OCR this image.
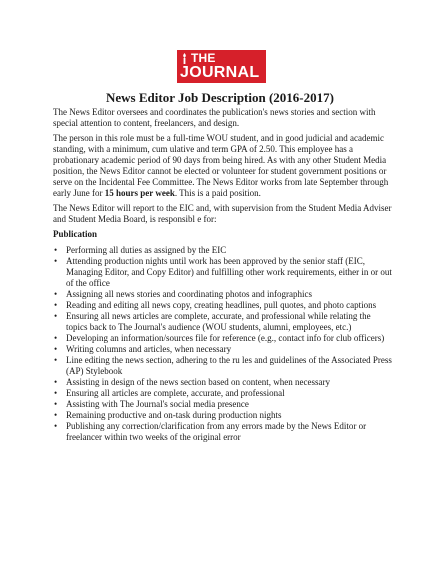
THE
JOURNAL
News Editor Job Description (2016-2017)

The News Editor oversees and coordinates the publication's news stories and section with special attention to content, freelancers, and design.

The person in this role must be a full-time WOU student, and in good judicial and academic standing, with a minimum, cum ulative and term GPA of 2.50. This employee has a probationary academic period of 90 days from being hired. As with any other Student Media position, the News Editor cannot be elected or volunteer for student government positions or serve on the Incidental Fee Committee. The News Editor works from late September through early June for 15 hours per week. This is a paid position.

The News Editor will report to the EIC and, with supervision from the Student Media Adviser and Student Media Board, is responsibl e for:

Publication
• Performing all duties as assigned by the EIC
• Attending production nights until work has been approved by the senior staff (EIC, Managing Editor, and Copy Editor) and fulfilling other work requirements, either in or out of the office
• Assigning all news stories and coordinating photos and infographics
• Reading and editing all news copy, creating headlines, pull quotes, and photo captions
• Ensuring all news articles are complete, accurate, and professional while relating the topics back to The Journal's audience (WOU students, alumni, employees, etc.)
• Developing an information/sources file for reference (e.g., contact info for club officers)
• Writing columns and articles, when necessary
• Line editing the news section, adhering to the ru les and guidelines of the Associated Press (AP) Stylebook
• Assisting in design of the news section based on content, when necessary
• Ensuring all articles are complete, accurate, and professional
• Assisting with The Journal's social media presence
• Remaining productive and on-task during production nights
• Publishing any correction/clarification from any errors made by the News Editor or freelancer within two weeks of the original error
